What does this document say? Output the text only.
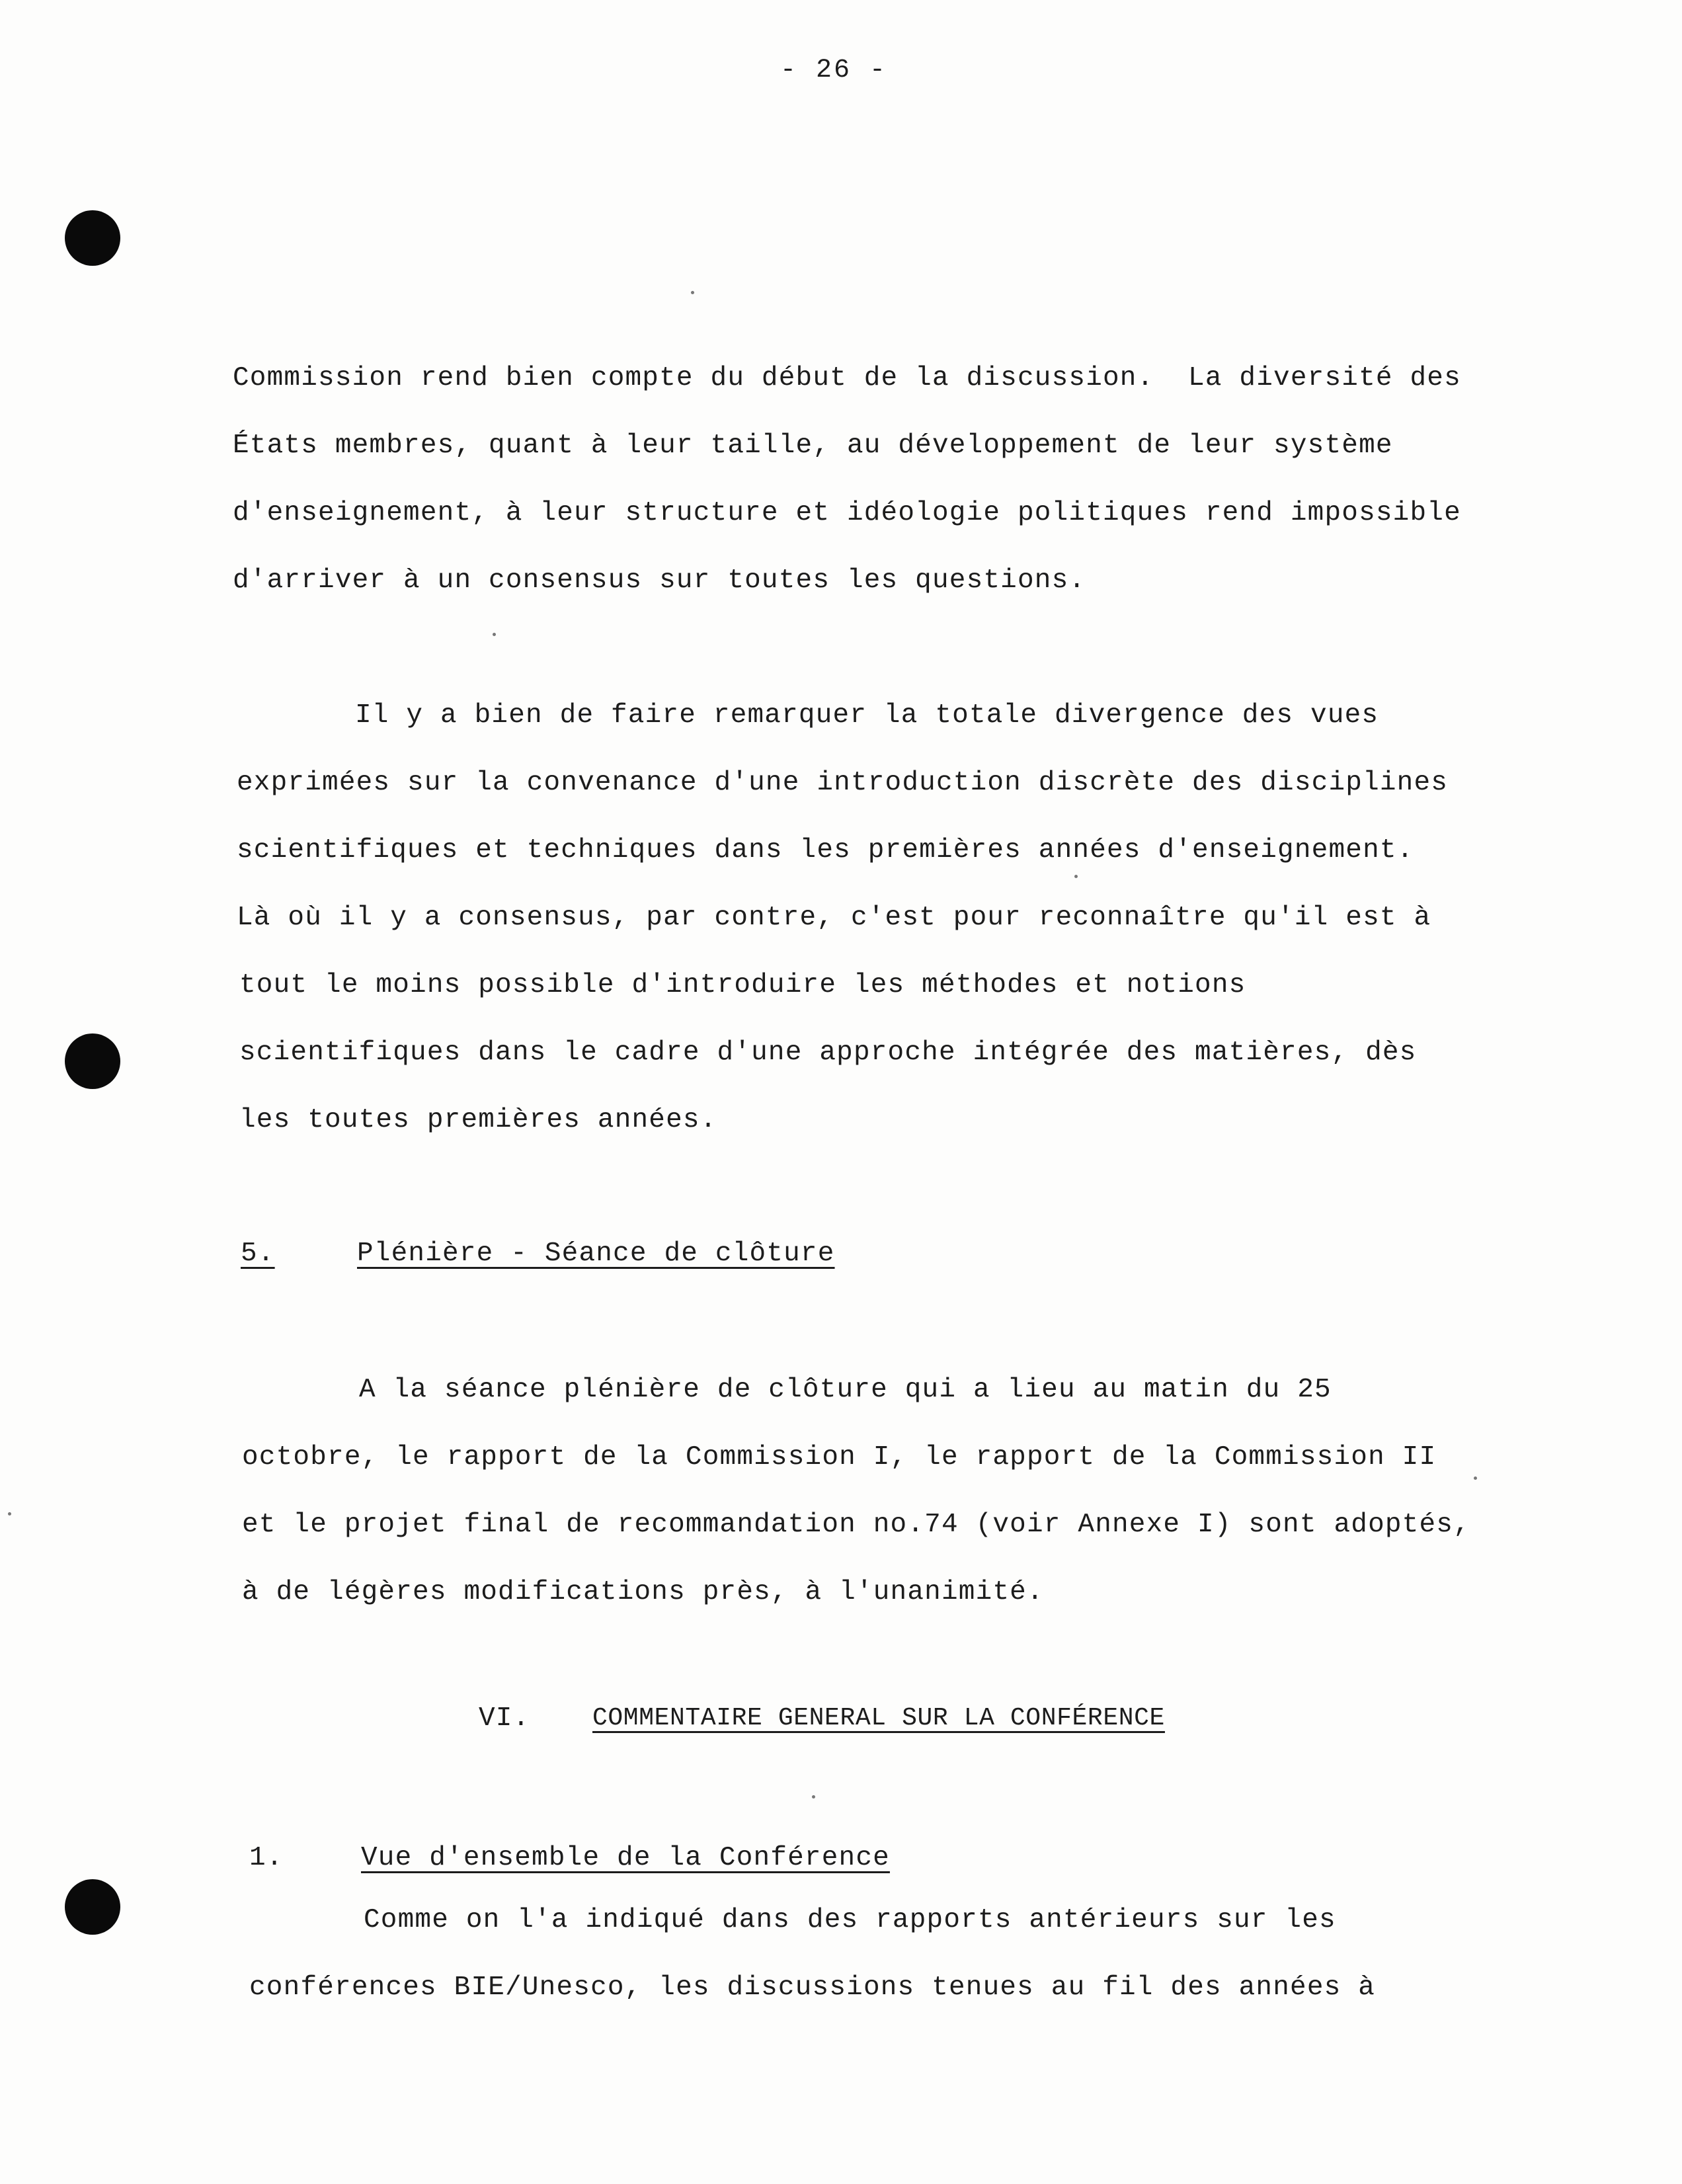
- 26 -
Commission rend bien compte du début de la discussion.  La diversité des
États membres, quant à leur taille, au développement de leur système
d'enseignement, à leur structure et idéologie politiques rend impossible
d'arriver à un consensus sur toutes les questions.
Il y a bien de faire remarquer la totale divergence des vues
exprimées sur la convenance d'une introduction discrète des disciplines
scientifiques et techniques dans les premières années d'enseignement.
Là où il y a consensus, par contre, c'est pour reconnaître qu'il est à
tout le moins possible d'introduire les méthodes et notions
scientifiques dans le cadre d'une approche intégrée des matières, dès
les toutes premières années.
5.	Plénière - Séance de clôture
A la séance plénière de clôture qui a lieu au matin du 25
octobre, le rapport de la Commission I, le rapport de la Commission II
et le projet final de recommandation no.74 (voir Annexe I) sont adoptés,
à de légères modifications près, à l'unanimité.
VI. COMMENTAIRE GENERAL SUR LA CONFÉRENCE
1.	Vue d'ensemble de la Conférence
Comme on l'a indiqué dans des rapports antérieurs sur les
conférences BIE/Unesco, les discussions tenues au fil des années à
